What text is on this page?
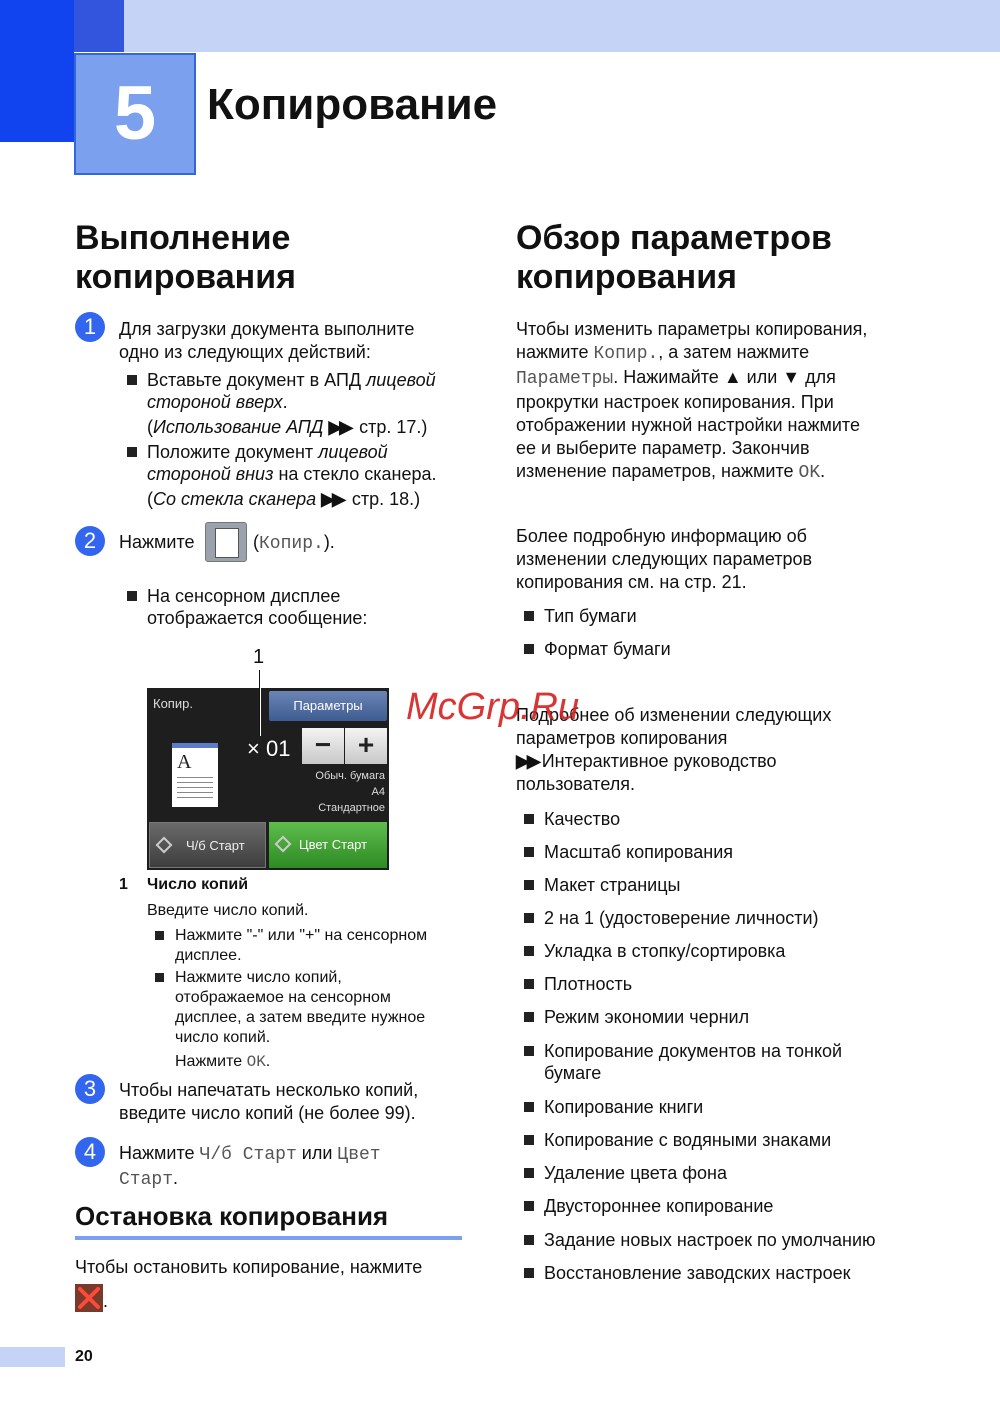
5	Копирование
Выполнение
копирования
1	Для загрузки документа выполните
одно из следующих действий:
Вставьте документ в АПД лицевой
стороной вверх.
(Использование АПД ▶▶ стр. 17.)
Положите документ лицевой
стороной вниз на стекло сканера.
(Со стекла сканера ▶▶ стр. 18.)
2	Нажмите	(Копир.).
На сенсорном дисплее
отображается сообщение:
1
Копир.	Параметры
A
× 01 − +
Обыч. бумага
A4
Стандартное
Ч/б Старт	Цвет Старт
1 Число копий
Введите число копий.
Нажмите "-" или "+" на сенсорном
дисплее.
Нажмите число копий,
отображаемое на сенсорном
дисплее, а затем введите нужное
число копий.
Нажмите OK.
3	Чтобы напечатать несколько копий,
введите число копий (не более 99).
4	Нажмите Ч/б Старт или Цвет
Старт.
Остановка копирования
Чтобы остановить копирование, нажмите
.
Обзор параметров
копирования
Чтобы изменить параметры копирования,
нажмите Копир., а затем нажмите
Параметры. Нажимайте ▲ или ▼ для
прокрутки настроек копирования. При
отображении нужной настройки нажмите
ее и выберите параметр. Закончив
изменение параметров, нажмите OK.
Более подробную информацию об
изменении следующих параметров
копирования см. на стр. 21.
Тип бумаги
Формат бумаги
Подробнее об изменении следующих
параметров копирования
▶▶ Интерактивное руководство
пользователя.
Качество
Масштаб копирования
Макет страницы
2 на 1 (удостоверение личности)
Укладка в стопку/сортировка
Плотность
Режим экономии чернил
Копирование документов на тонкой
бумаге
Копирование книги
Копирование с водяными знаками
Удаление цвета фона
Двустороннее копирование
Задание новых настроек по умолчанию
Восстановление заводских настроек
McGrp.Ru
20
